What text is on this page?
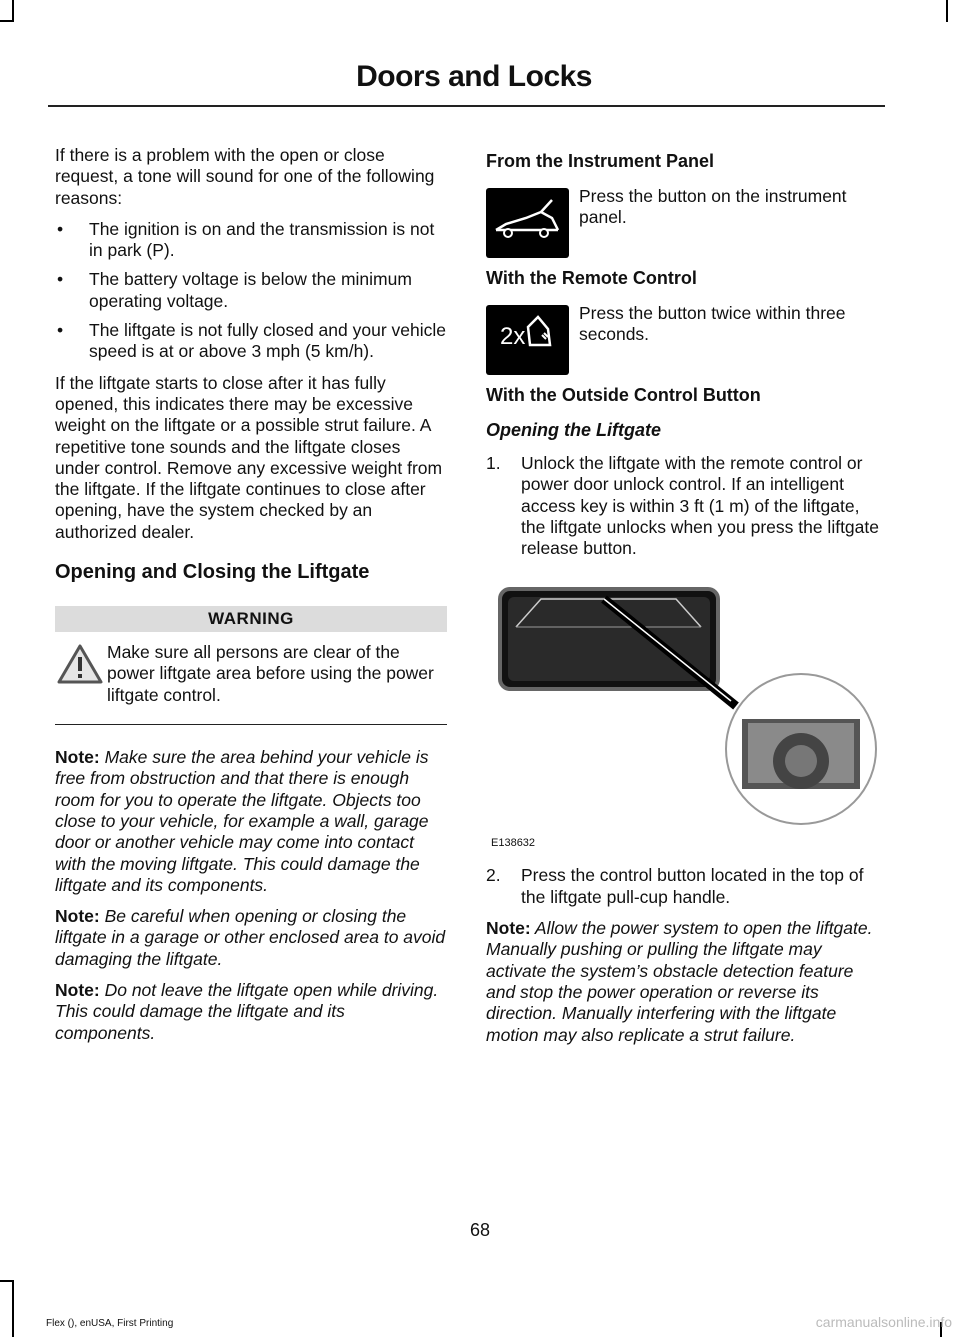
Doors and Locks

If there is a problem with the open or close request, a tone will sound for one of the following reasons:

• The ignition is on and the transmission is not in park (P).
• The battery voltage is below the minimum operating voltage.
• The liftgate is not fully closed and your vehicle speed is at or above 3 mph (5 km/h).

If the liftgate starts to close after it has fully opened, this indicates there may be excessive weight on the liftgate or a possible strut failure. A repetitive tone sounds and the liftgate closes under control. Remove any excessive weight from the liftgate. If the liftgate continues to close after opening, have the system checked by an authorized dealer.

Opening and Closing the Liftgate
WARNING

Make sure all persons are clear of the power liftgate area before using the power liftgate control.

Note: Make sure the area behind your vehicle is free from obstruction and that there is enough room for you to operate the liftgate. Objects too close to your vehicle, for example a wall, garage door or another vehicle may come into contact with the moving liftgate. This could damage the liftgate and its components.

Note: Be careful when opening or closing the liftgate in a garage or other enclosed area to avoid damaging the liftgate.

Note: Do not leave the liftgate open while driving. This could damage the liftgate and its components.

From the Instrument Panel

Press the button on the instrument panel.

With the Remote Control
2x

Press the button twice within three seconds.

With the Outside Control Button
Opening the Liftgate
1. Unlock the liftgate with the remote control or power door unlock control. If an intelligent access key is within 3 ft (1 m) of the liftgate, the liftgate unlocks when you press the liftgate release button.
E138632
2. Press the control button located in the top of the liftgate pull-cup handle.

Note: Allow the power system to open the liftgate. Manually pushing or pulling the liftgate may activate the system’s obstacle detection feature and stop the power operation or reverse its direction. Manually interfering with the liftgate motion may also replicate a strut failure.

68
Flex (), enUSA, First Printing	carmanualsonline.info
